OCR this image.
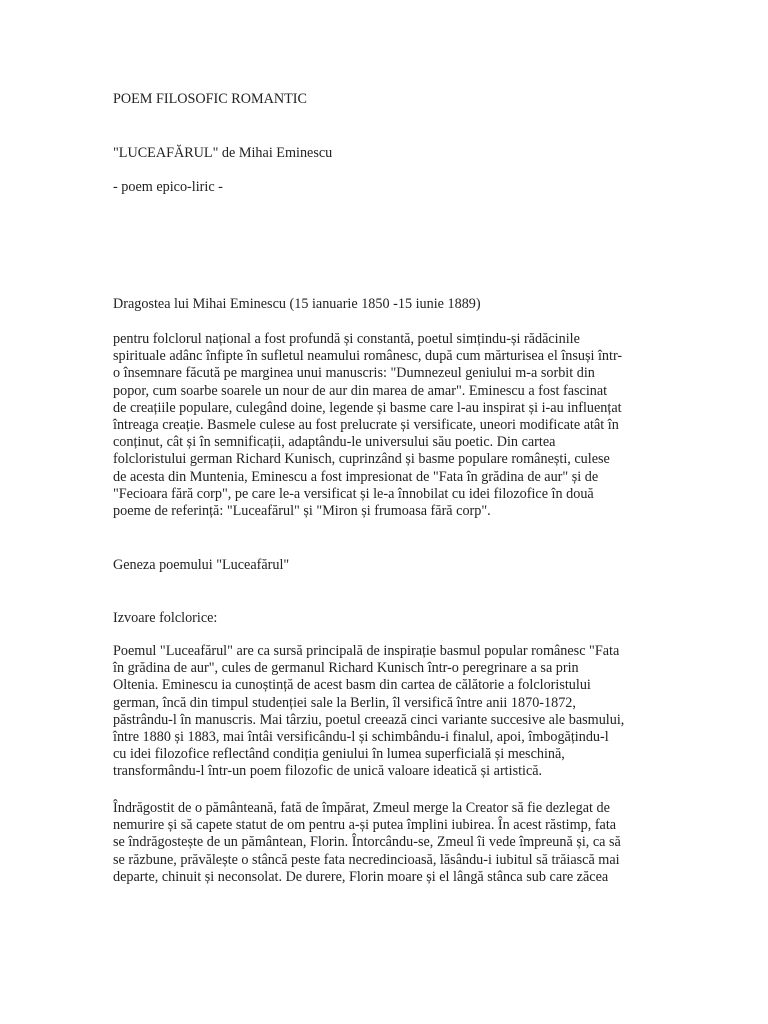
POEM FILOSOFIC ROMANTIC

"LUCEAFĂRUL" de Mihai Eminescu

- poem epico-liric -

Dragostea lui Mihai Eminescu (15 ianuarie 1850 -15 iunie 1889)

pentru folclorul național a fost profundă și constantă, poetul simțindu-și rădăcinile
spirituale adânc înfipte în sufletul neamului românesc, după cum mărturisea el însuși într-
o însemnare făcută pe marginea unui manuscris: "Dumnezeul geniului m-a sorbit din
popor, cum soarbe soarele un nour de aur din marea de amar". Eminescu a fost fascinat
de creațiile populare, culegând doine, legende și basme care l-au inspirat și i-au influențat
întreaga creație. Basmele culese au fost prelucrate și versificate, uneori modificate atât în
conținut, cât și în semnificații, adaptându-le universului său poetic. Din cartea
folcloristului german Richard Kunisch, cuprinzând și basme populare românești, culese
de acesta din Muntenia, Eminescu a fost impresionat de "Fata în grădina de aur" și de
"Fecioara fără corp", pe care le-a versificat și le-a înnobilat cu idei filozofice în două
poeme de referință: "Luceafărul" și "Miron și frumoasa fără corp".

Geneza poemului "Luceafărul"

Izvoare folclorice:

Poemul "Luceafărul" are ca sursă principală de inspirație basmul popular românesc "Fata
în grădina de aur", cules de germanul Richard Kunisch într-o peregrinare a sa prin
Oltenia. Eminescu ia cunoștință de acest basm din cartea de călătorie a folcloristului
german, încă din timpul studenției sale la Berlin, îl versifică între anii 1870-1872,
păstrându-l în manuscris. Mai târziu, poetul creează cinci variante succesive ale basmului,
între 1880 și 1883, mai întâi versificându-l și schimbându-i finalul, apoi, îmbogățindu-l
cu idei filozofice reflectând condiția geniului în lumea superficială și meschină,
transformându-l într-un poem filozofic de unică valoare ideatică și artistică.
Îndrăgostit de o pământeană, fată de împărat, Zmeul merge la Creator să fie dezlegat de
nemurire și să capete statut de om pentru a-și putea împlini iubirea. În acest răstimp, fata
se îndrăgostește de un pământean, Florin. Întorcându-se, Zmeul îi vede împreună și, ca să
se răzbune, prăvălește o stâncă peste fata necredincioasă, lăsându-i iubitul să trăiască mai
departe, chinuit și neconsolat. De durere, Florin moare și el lângă stânca sub care zăcea
